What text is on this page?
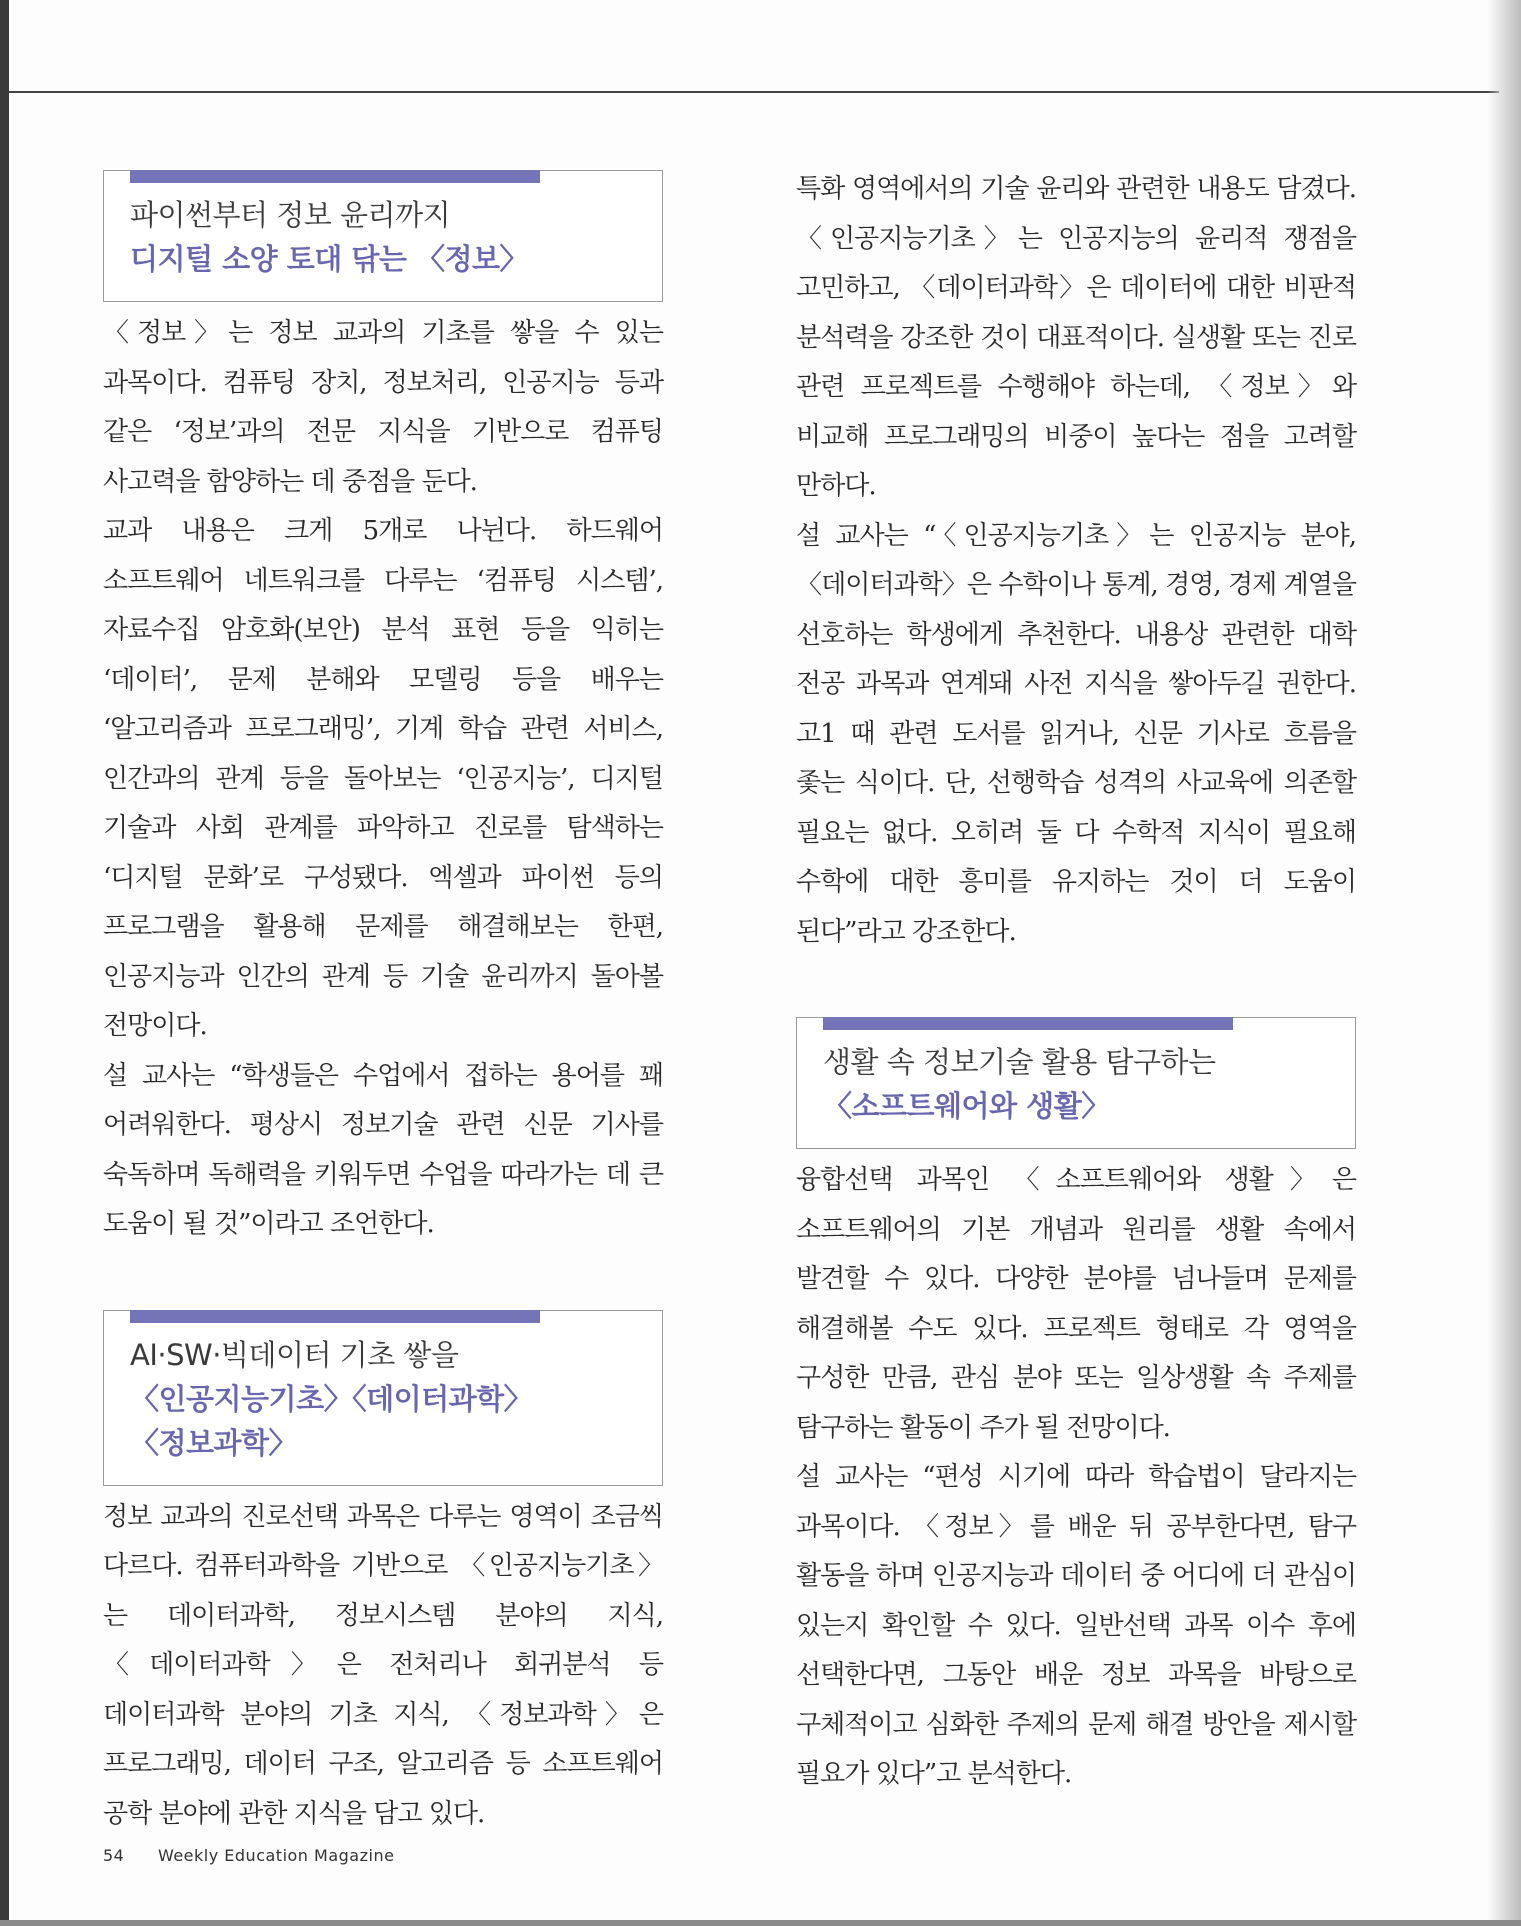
파이썬부터 정보 윤리까지
디지털 소양 토대 닦는 〈정보〉

〈정보〉는 정보 교과의 기초를 쌓을 수 있는 과목이다. 컴퓨팅 장치, 정보처리, 인공지능 등과 같은 ‘정보’과의 전문 지식을 기반으로 컴퓨팅 사고력을 함양하는 데 중점을 둔다.

교과 내용은 크게 5개로 나뉜다. 하드웨어 소프트웨어 네트워크를 다루는 ‘컴퓨팅 시스템’, 자료수집 암호화(보안) 분석 표현 등을 익히는 ‘데이터’, 문제 분해와 모델링 등을 배우는 ‘알고리즘과 프로그래밍’, 기계 학습 관련 서비스, 인간과의 관계 등을 돌아보는 ‘인공지능’, 디지털 기술과 사회 관계를 파악하고 진로를 탐색하는 ‘디지털 문화’로 구성됐다. 엑셀과 파이썬 등의 프로그램을 활용해 문제를 해결해보는 한편, 인공지능과 인간의 관계 등 기술 윤리까지 돌아볼 전망이다.

설 교사는 “학생들은 수업에서 접하는 용어를 꽤 어려워한다. 평상시 정보기술 관련 신문 기사를 숙독하며 독해력을 키워두면 수업을 따라가는 데 큰 도움이 될 것”이라고 조언한다.

AI·SW·빅데이터 기초 쌓을
〈인공지능기초〉〈데이터과학〉
〈정보과학〉

정보 교과의 진로선택 과목은 다루는 영역이 조금씩 다르다. 컴퓨터과학을 기반으로 〈인공지능기초〉는 데이터과학, 정보시스템 분야의 지식, 〈데이터과학〉은 전처리나 회귀분석 등 데이터과학 분야의 기초 지식, 〈정보과학〉은 프로그래밍, 데이터 구조, 알고리즘 등 소프트웨어 공학 분야에 관한 지식을 담고 있다.

특화 영역에서의 기술 윤리와 관련한 내용도 담겼다. 〈인공지능기초〉는 인공지능의 윤리적 쟁점을 고민하고, 〈데이터과학〉은 데이터에 대한 비판적 분석력을 강조한 것이 대표적이다. 실생활 또는 진로 관련 프로젝트를 수행해야 하는데, 〈정보〉와 비교해 프로그래밍의 비중이 높다는 점을 고려할 만하다.

설 교사는 “〈인공지능기초〉는 인공지능 분야, 〈데이터과학〉은 수학이나 통계, 경영, 경제 계열을 선호하는 학생에게 추천한다. 내용상 관련한 대학 전공 과목과 연계돼 사전 지식을 쌓아두길 권한다. 고1 때 관련 도서를 읽거나, 신문 기사로 흐름을 좇는 식이다. 단, 선행학습 성격의 사교육에 의존할 필요는 없다. 오히려 둘 다 수학적 지식이 필요해 수학에 대한 흥미를 유지하는 것이 더 도움이 된다”라고 강조한다.

생활 속 정보기술 활용 탐구하는
〈소프트웨어와 생활〉

융합선택 과목인 〈소프트웨어와 생활〉은 소프트웨어의 기본 개념과 원리를 생활 속에서 발견할 수 있다. 다양한 분야를 넘나들며 문제를 해결해볼 수도 있다. 프로젝트 형태로 각 영역을 구성한 만큼, 관심 분야 또는 일상생활 속 주제를 탐구하는 활동이 주가 될 전망이다.

설 교사는 “편성 시기에 따라 학습법이 달라지는 과목이다. 〈정보〉를 배운 뒤 공부한다면, 탐구 활동을 하며 인공지능과 데이터 중 어디에 더 관심이 있는지 확인할 수 있다. 일반선택 과목 이수 후에 선택한다면, 그동안 배운 정보 과목을 바탕으로 구체적이고 심화한 주제의 문제 해결 방안을 제시할 필요가 있다”고 분석한다.

54 Weekly Education Magazine
